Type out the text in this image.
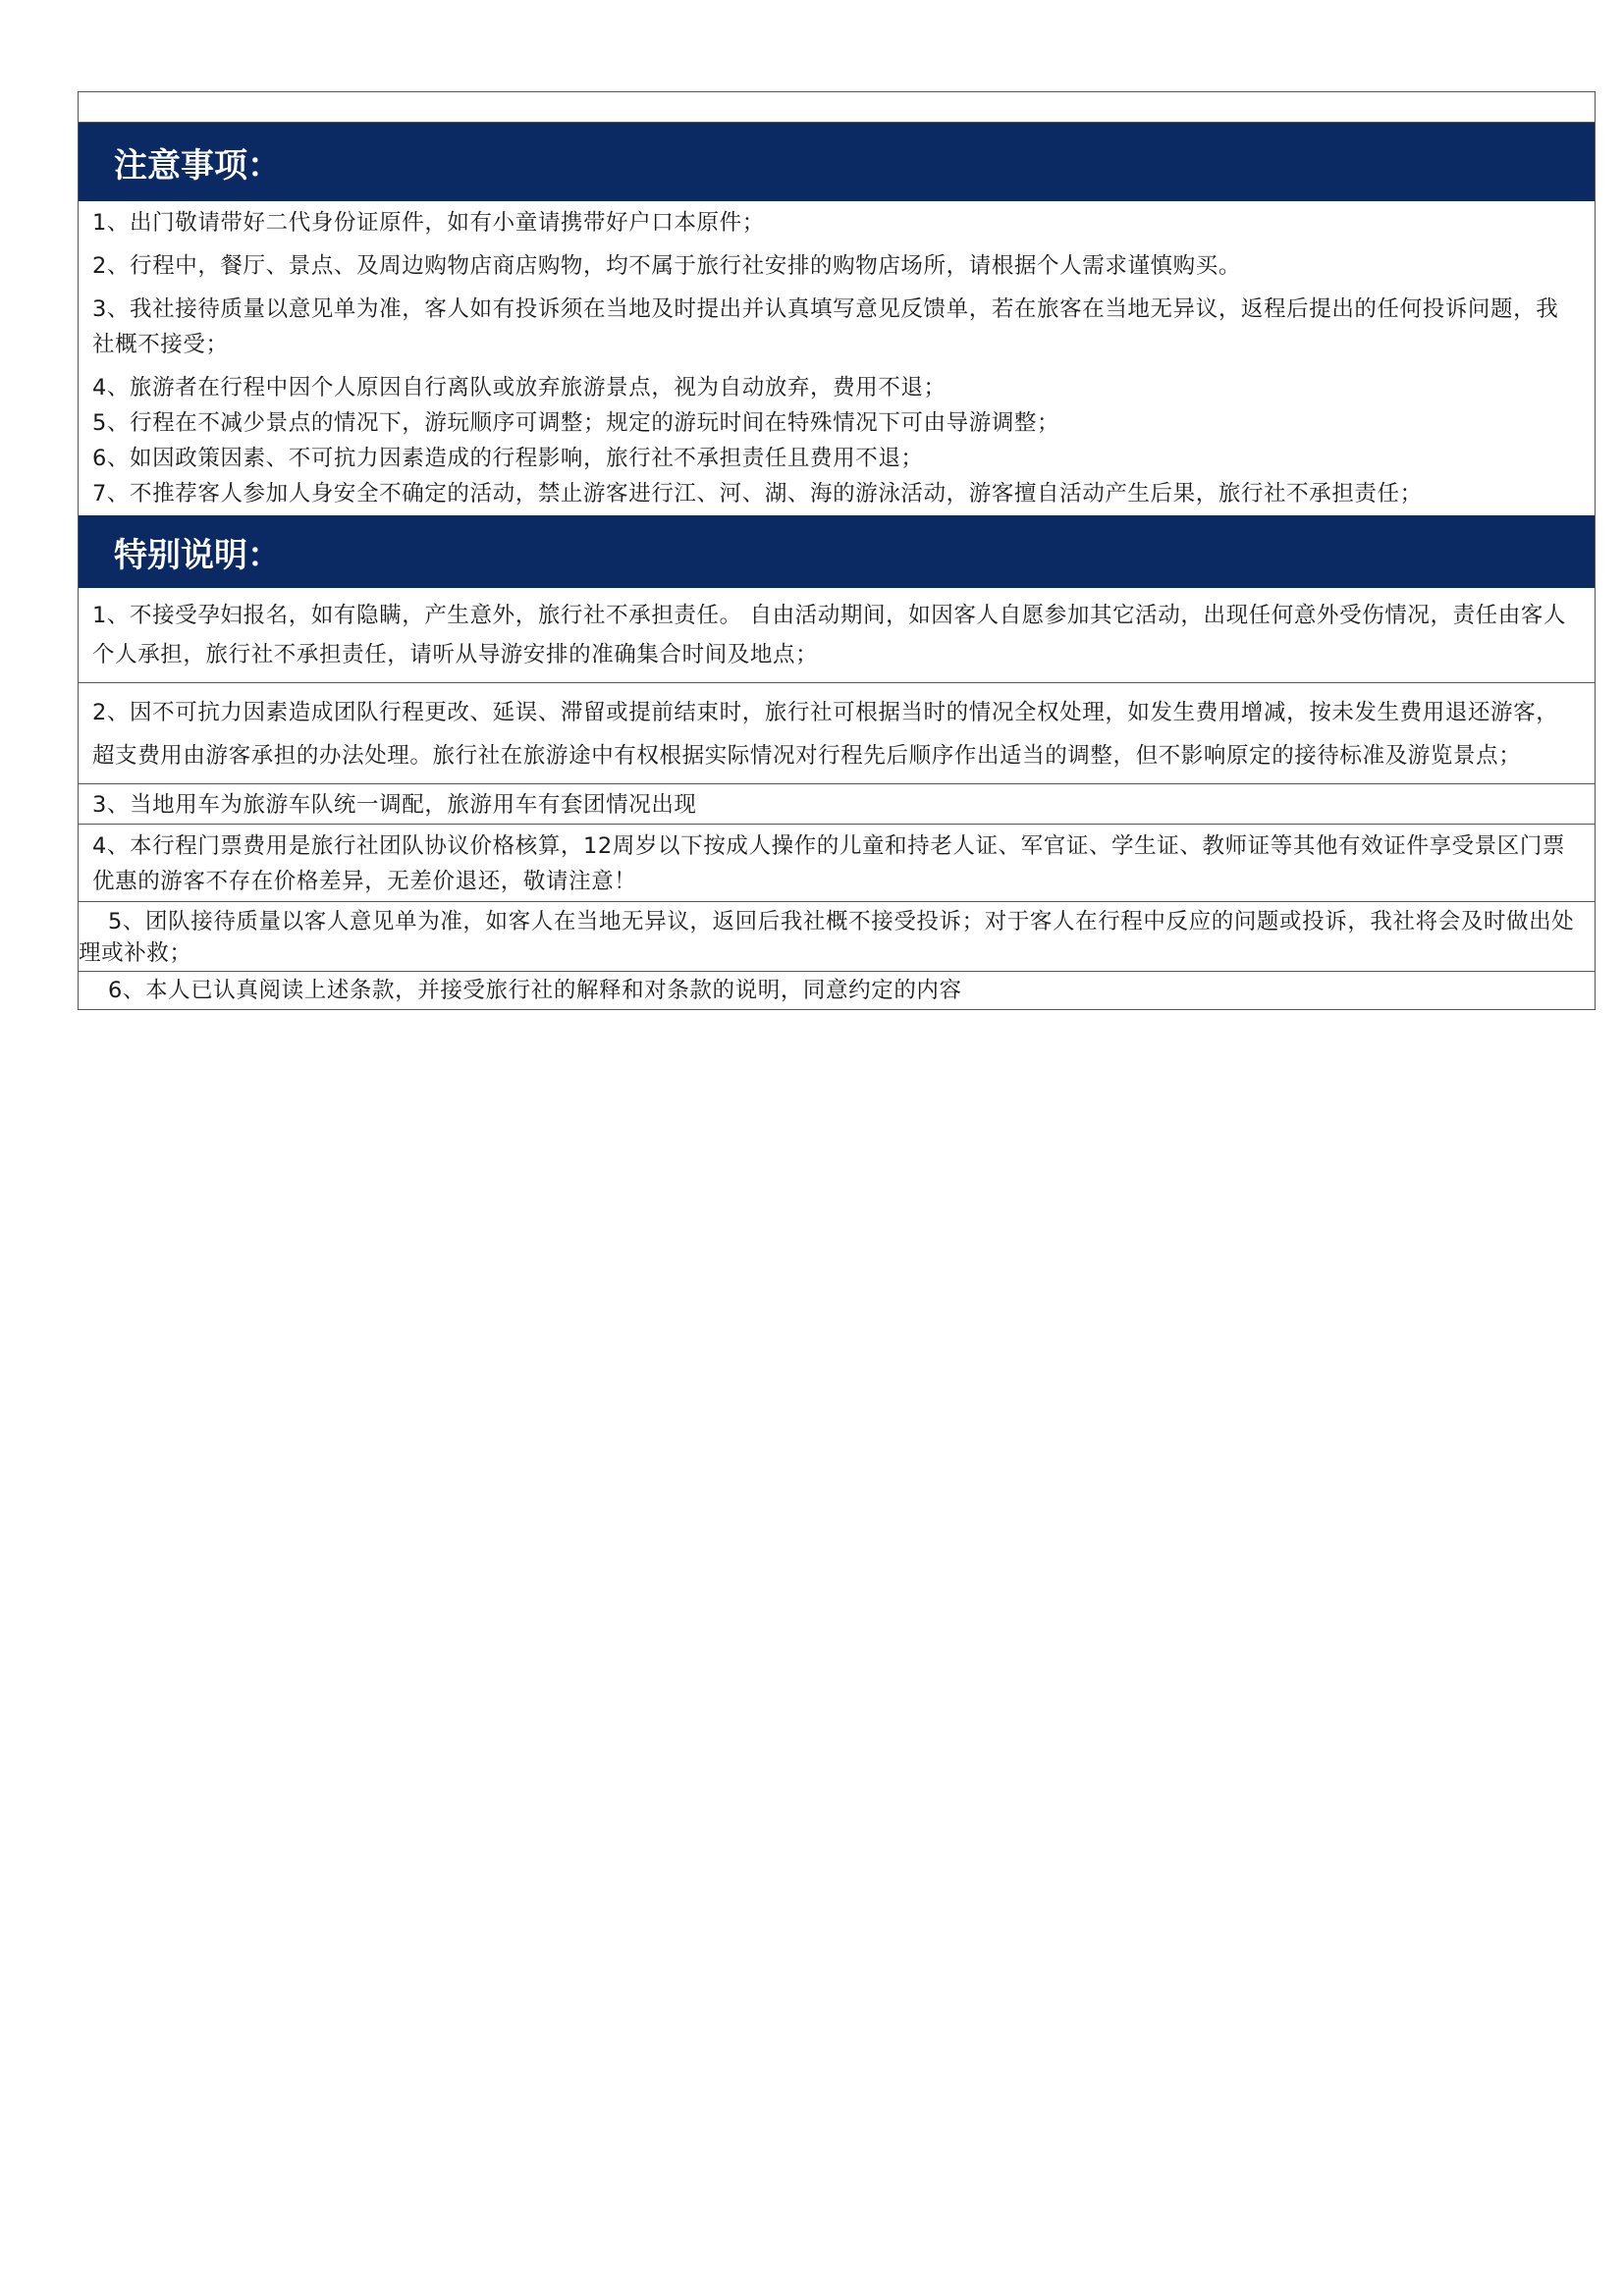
注意事项：
1、出门敬请带好二代身份证原件，如有小童请携带好户口本原件；
2、行程中，餐厅、景点、及周边购物店商店购物，均不属于旅行社安排的购物店场所，请根据个人需求谨慎购买。
3、我社接待质量以意见单为准，客人如有投诉须在当地及时提出并认真填写意见反馈单，若在旅客在当地无异议，返程后提出的任何投诉问题，我社概不接受；
4、旅游者在行程中因个人原因自行离队或放弃旅游景点，视为自动放弃，费用不退；
5、行程在不减少景点的情况下，游玩顺序可调整；规定的游玩时间在特殊情况下可由导游调整；
6、如因政策因素、不可抗力因素造成的行程影响，旅行社不承担责任且费用不退；
7、不推荐客人参加人身安全不确定的活动，禁止游客进行江、河、湖、海的游泳活动，游客擅自活动产生后果，旅行社不承担责任；
特别说明：
1、不接受孕妇报名，如有隐瞒，产生意外，旅行社不承担责任。 自由活动期间，如因客人自愿参加其它活动，出现任何意外受伤情况，责任由客人个人承担，旅行社不承担责任，请听从导游安排的准确集合时间及地点；
2、因不可抗力因素造成团队行程更改、延误、滞留或提前结束时，旅行社可根据当时的情况全权处理，如发生费用增减，按未发生费用退还游客，超支费用由游客承担的办法处理。旅行社在旅游途中有权根据实际情况对行程先后顺序作出适当的调整，但不影响原定的接待标准及游览景点；
3、当地用车为旅游车队统一调配，旅游用车有套团情况出现
4、本行程门票费用是旅行社团队协议价格核算，12周岁以下按成人操作的儿童和持老人证、军官证、学生证、教师证等其他有效证件享受景区门票优惠的游客不存在价格差异，无差价退还，敬请注意！
5、团队接待质量以客人意见单为准，如客人在当地无异议，返回后我社概不接受投诉；对于客人在行程中反应的问题或投诉，我社将会及时做出处理或补救；
6、本人已认真阅读上述条款，并接受旅行社的解释和对条款的说明，同意约定的内容
